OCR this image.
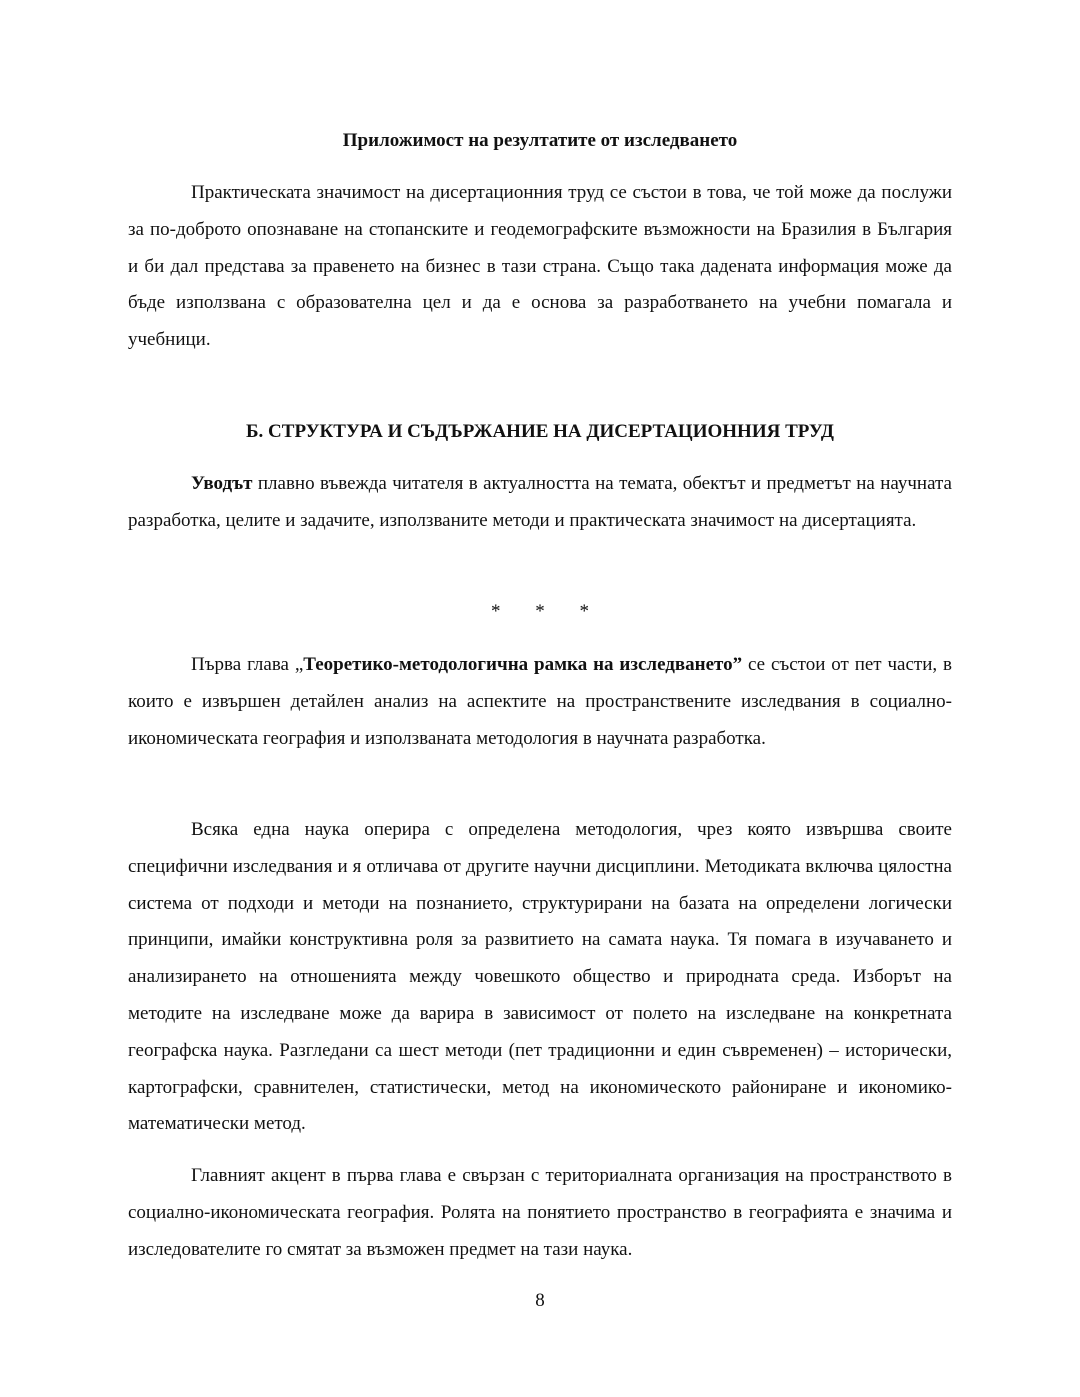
Приложимост на резултатите от изследването

Практическата значимост на дисертационния труд се състои в това, че той може да послужи за по-доброто опознаване на стопанските и геодемографските възможности на Бразилия в България и би дал представа за правенето на бизнес в тази страна. Също така дадената информация може да бъде използвана с образователна цел и да е основа за разработването на учебни помагала и учебници.

Б. СТРУКТУРА И СЪДЪРЖАНИЕ НА ДИСЕРТАЦИОННИЯ ТРУД

Уводът плавно въвежда читателя в актуалността на темата, обектът и предметът на научната разработка, целите и задачите, използваните методи и практическата значимост на дисертацията.

* * *

Първа глава „Теоретико-методологична рамка на изследването” се състои от пет части, в които е извършен детайлен анализ на аспектите на пространствените изследвания в социално-икономическата география и използваната методология в научната разработка.

Всяка една наука оперира с определена методология, чрез която извършва своите специфични изследвания и я отличава от другите научни дисциплини. Методиката включва цялостна система от подходи и методи на познанието, структурирани на базата на определени логически принципи, имайки конструктивна роля за развитието на самата наука. Тя помага в изучаването и анализирането на отношенията между човешкото общество и природната среда. Изборът на методите на изследване може да варира в зависимост от полето на изследване на конкретната географска наука. Разгледани са шест методи (пет традиционни и един съвременен) – исторически, картографски, сравнителен, статистически, метод на икономическото райониране и икономико-математически метод.

Главният акцент в първа глава е свързан с териториалната организация на пространството в социално-икономическата география. Ролята на понятието пространство в географията е значима и изследователите го смятат за възможен предмет на тази наука.

8
